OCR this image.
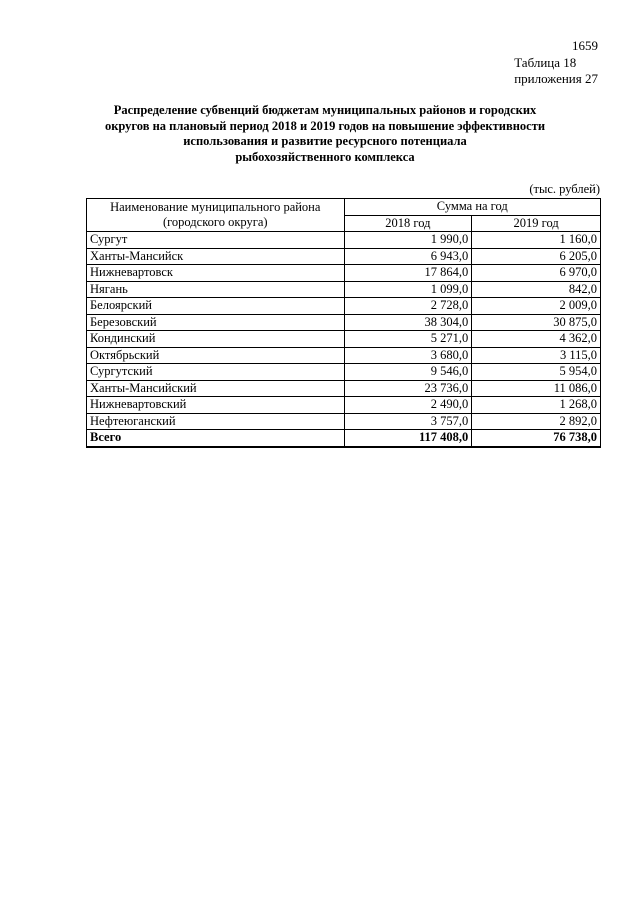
1659
Таблица 18
приложения 27
Распределение субвенций бюджетам муниципальных районов и городских
округов на плановый период 2018 и 2019 годов на повышение эффективности
использования и развитие ресурсного потенциала
рыбохозяйственного комплекса
(тыс. рублей)
Наименование муниципального района
(городского округа)	Сумма на год	
	2018 год	2019 год
Сургут	1 990,0	1 160,0
Ханты-Мансийск	6 943,0	6 205,0
Нижневартовск	17 864,0	6 970,0
Нягань	1 099,0	842,0
Белоярский	2 728,0	2 009,0
Березовский	38 304,0	30 875,0
Кондинский	5 271,0	4 362,0
Октябрьский	3 680,0	3 115,0
Сургутский	9 546,0	5 954,0
Ханты-Мансийский	23 736,0	11 086,0
Нижневартовский	2 490,0	1 268,0
Нефтеюганский	3 757,0	2 892,0
Всего	117 408,0	76 738,0
